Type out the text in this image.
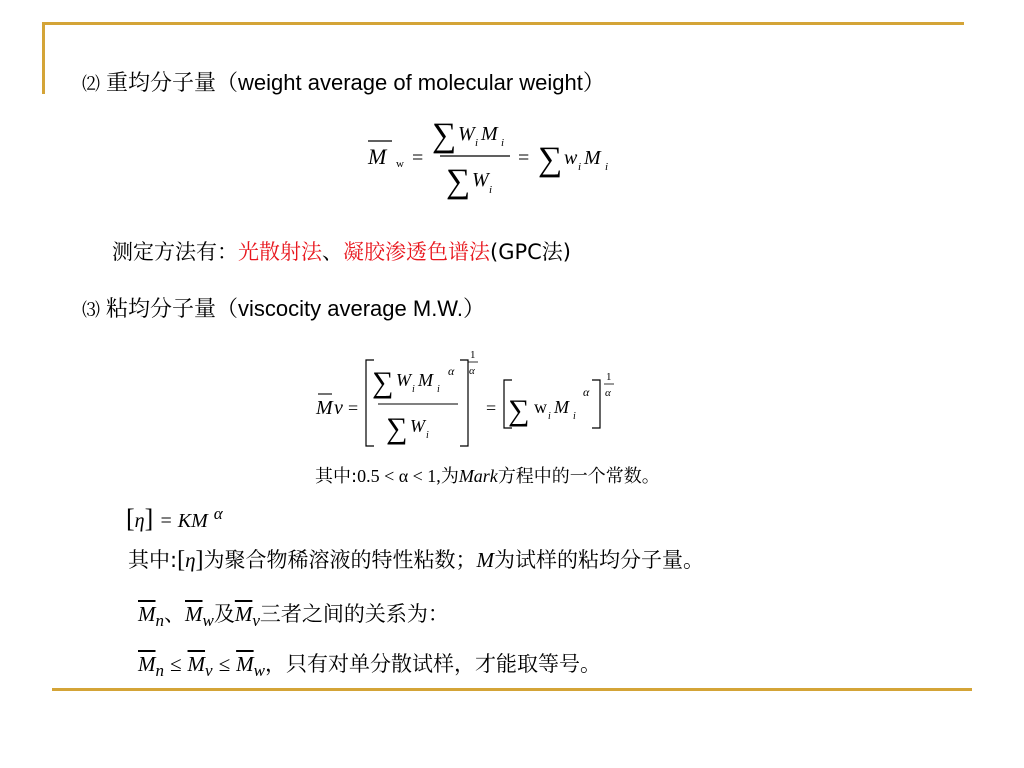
⑵ 重均分子量（weight average of molecular weight）
M w =
∑ W i M i
∑ W i
= ∑ w i M i
测定方法有：光散射法、凝胶渗透色谱法(GPC法)
⑶ 粘均分子量（viscocity average M.W.）
M v =
∑ W i M i
α
∑ W i
1
α
= ∑ w i M i
α
1
α
其中:0.5 < α < 1,为Mark方程中的一个常数。
[η] = KM $^\alpha$
其中:[η]为聚合物稀溶液的特性粘数；M为试样的粘均分子量。
$\overline{M}_n$、$\overline{M}_w$及$\overline{M}_v$三者之间的关系为：
$\overline{M}_n \le \overline{M}_v \le \overline{M}_w$，只有对单分散试样，才能取等号。
